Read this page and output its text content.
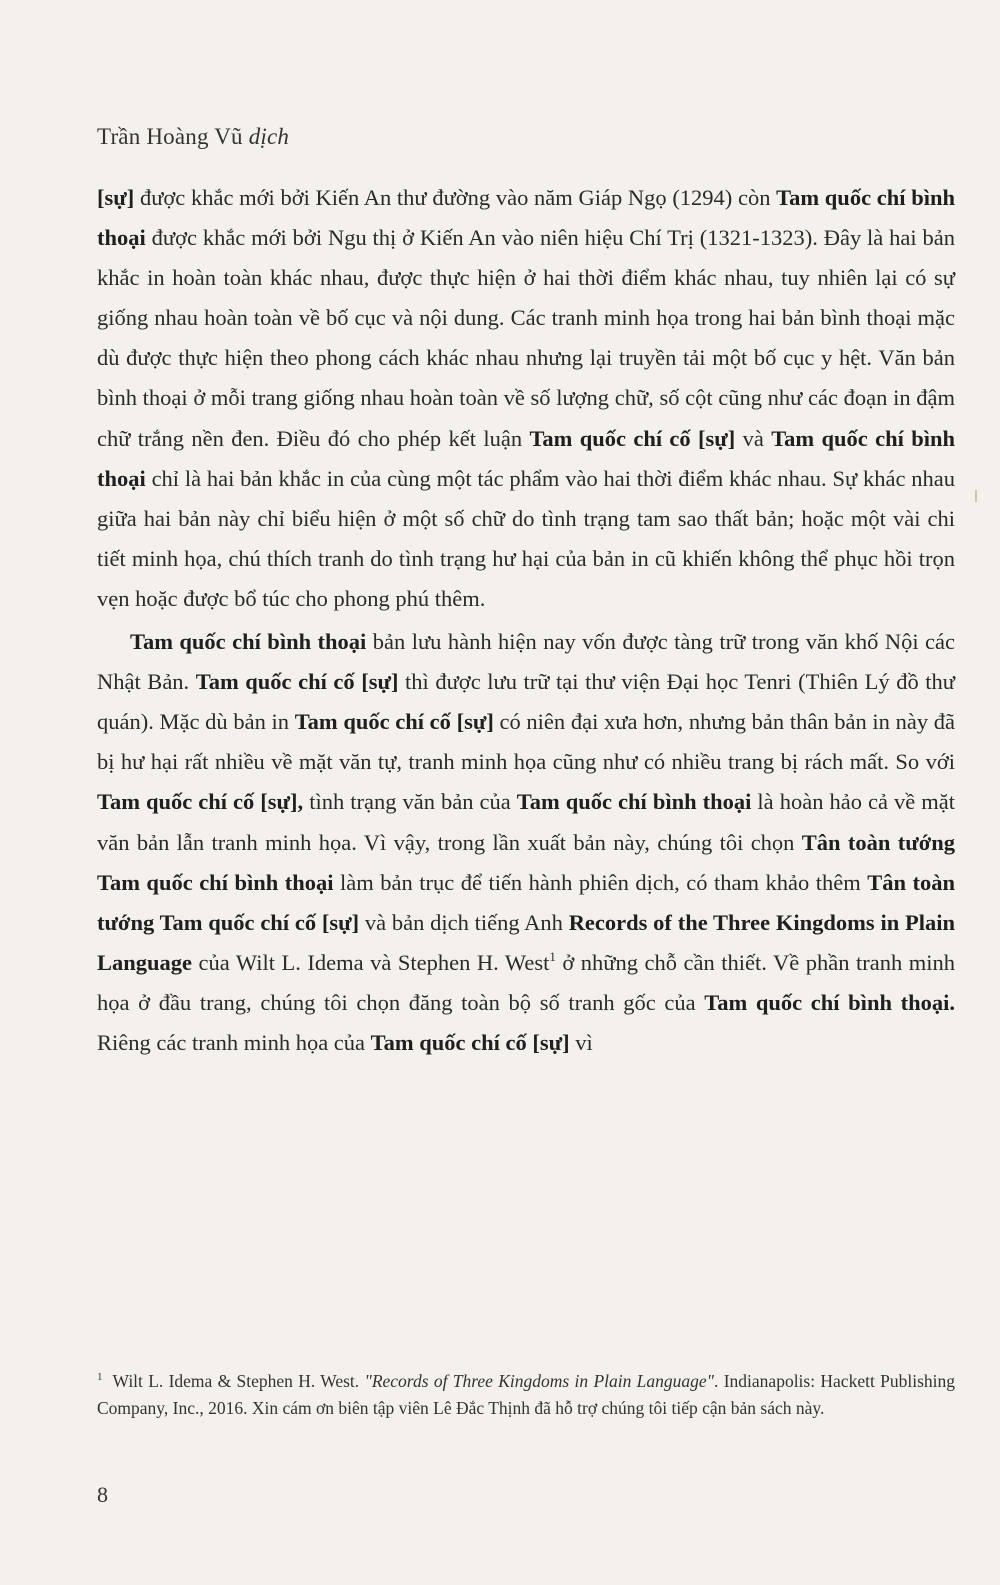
Trần Hoàng Vũ dịch

[sự] được khắc mới bởi Kiến An thư đường vào năm Giáp Ngọ (1294) còn Tam quốc chí bình thoại được khắc mới bởi Ngu thị ở Kiến An vào niên hiệu Chí Trị (1321-1323). Đây là hai bản khắc in hoàn toàn khác nhau, được thực hiện ở hai thời điểm khác nhau, tuy nhiên lại có sự giống nhau hoàn toàn về bố cục và nội dung. Các tranh minh họa trong hai bản bình thoại mặc dù được thực hiện theo phong cách khác nhau nhưng lại truyền tải một bố cục y hệt. Văn bản bình thoại ở mỗi trang giống nhau hoàn toàn về số lượng chữ, số cột cũng như các đoạn in đậm chữ trắng nền đen. Điều đó cho phép kết luận Tam quốc chí cố [sự] và Tam quốc chí bình thoại chỉ là hai bản khắc in của cùng một tác phẩm vào hai thời điểm khác nhau. Sự khác nhau giữa hai bản này chỉ biểu hiện ở một số chữ do tình trạng tam sao thất bản; hoặc một vài chi tiết minh họa, chú thích tranh do tình trạng hư hại của bản in cũ khiến không thể phục hồi trọn vẹn hoặc được bổ túc cho phong phú thêm.

Tam quốc chí bình thoại bản lưu hành hiện nay vốn được tàng trữ trong văn khố Nội các Nhật Bản. Tam quốc chí cố [sự] thì được lưu trữ tại thư viện Đại học Tenri (Thiên Lý đồ thư quán). Mặc dù bản in Tam quốc chí cố [sự] có niên đại xưa hơn, nhưng bản thân bản in này đã bị hư hại rất nhiều về mặt văn tự, tranh minh họa cũng như có nhiều trang bị rách mất. So với Tam quốc chí cố [sự], tình trạng văn bản của Tam quốc chí bình thoại là hoàn hảo cả về mặt văn bản lẫn tranh minh họa. Vì vậy, trong lần xuất bản này, chúng tôi chọn Tân toàn tướng Tam quốc chí bình thoại làm bản trục để tiến hành phiên dịch, có tham khảo thêm Tân toàn tướng Tam quốc chí cố [sự] và bản dịch tiếng Anh Records of the Three Kingdoms in Plain Language của Wilt L. Idema và Stephen H. West$^1$ ở những chỗ cần thiết. Về phần tranh minh họa ở đầu trang, chúng tôi chọn đăng toàn bộ số tranh gốc của Tam quốc chí bình thoại. Riêng các tranh minh họa của Tam quốc chí cố [sự] vì

$^1$ Wilt L. Idema & Stephen H. West. "Records of Three Kingdoms in Plain Language". Indianapolis: Hackett Publishing Company, Inc., 2016. Xin cám ơn biên tập viên Lê Đắc Thịnh đã hỗ trợ chúng tôi tiếp cận bản sách này.
8
